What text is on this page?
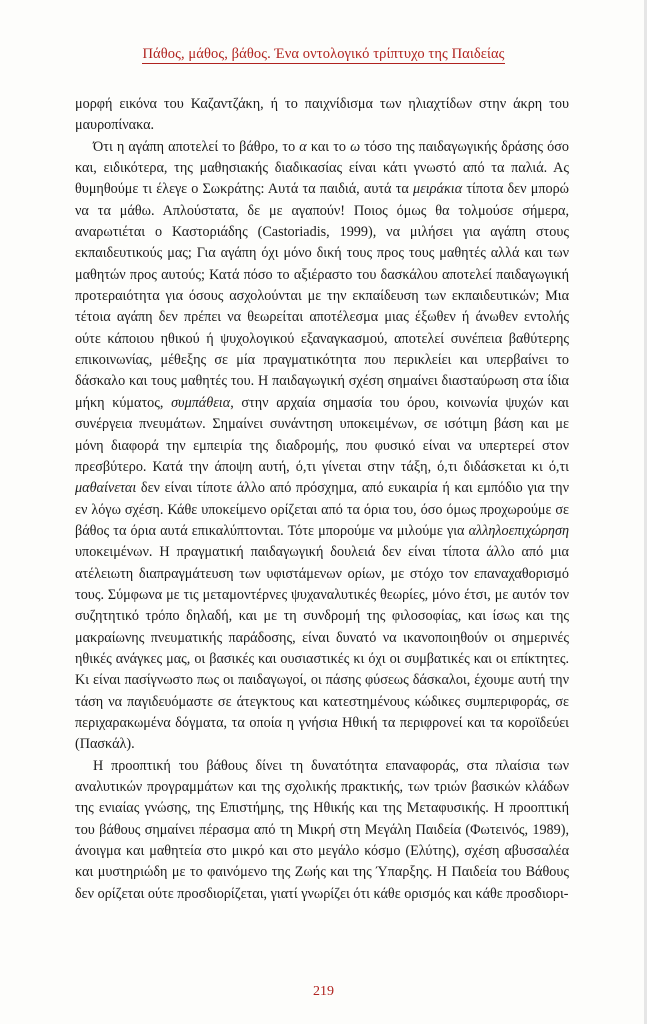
Πάθος, μάθος, βάθος. Ένα οντολογικό τρίπτυχο της Παιδείας

μορφή εικόνα του Καζαντζάκη, ή το παιχνίδισμα των ηλιαχτίδων στην άκρη του μαυροπίνακα.

Ότι η αγάπη αποτελεί το βάθρο, το α και το ω τόσο της παιδαγωγικής δράσης όσο και, ειδικότερα, της μαθησιακής διαδικασίας είναι κάτι γνωστό από τα παλιά. Ας θυμηθούμε τι έλεγε ο Σωκράτης: Αυτά τα παιδιά, αυτά τα μειράκια τίποτα δεν μπορώ να τα μάθω. Απλούστατα, δε με αγαπούν! Ποιος όμως θα τολμούσε σήμερα, αναρωτιέται ο Καστοριάδης (Castoriadis, 1999), να μιλήσει για αγάπη στους εκπαιδευτικούς μας; Για αγάπη όχι μόνο δική τους προς τους μαθητές αλλά και των μαθητών προς αυτούς; Κατά πόσο το αξιέραστο του δασκάλου αποτελεί παιδαγωγική προτεραιότητα για όσους ασχολούνται με την εκπαίδευση των εκπαιδευτικών; Μια τέτοια αγάπη δεν πρέπει να θεωρείται αποτέλεσμα μιας έξωθεν ή άνωθεν εντολής ούτε κάποιου ηθικού ή ψυχολογικού εξαναγκασμού, αποτελεί συνέπεια βαθύτερης επικοινωνίας, μέθεξης σε μία πραγματικότητα που περικλείει και υπερβαίνει το δάσκαλο και τους μαθητές του. Η παιδαγωγική σχέση σημαίνει διασταύρωση στα ίδια μήκη κύματος, συμπάθεια, στην αρχαία σημασία του όρου, κοινωνία ψυχών και συνέργεια πνευμάτων. Σημαίνει συνάντηση υποκειμένων, σε ισότιμη βάση και με μόνη διαφορά την εμπειρία της διαδρομής, που φυσικό είναι να υπερτερεί στον πρεσβύτερο. Κατά την άποψη αυτή, ό,τι γίνεται στην τάξη, ό,τι διδάσκεται κι ό,τι μαθαίνεται δεν είναι τίποτε άλλο από πρόσχημα, από ευκαιρία ή και εμπόδιο για την εν λόγω σχέση. Κάθε υποκείμενο ορίζεται από τα όρια του, όσο όμως προχωρούμε σε βάθος τα όρια αυτά επικαλύπτονται. Τότε μπορούμε να μιλούμε για αλληλοεπιχώρηση υποκειμένων. Η πραγματική παιδαγωγική δουλειά δεν είναι τίποτα άλλο από μια ατέλειωτη διαπραγμάτευση των υφιστάμενων ορίων, με στόχο τον επαναχαθορισμό τους. Σύμφωνα με τις μεταμοντέρνες ψυχαναλυτικές θεωρίες, μόνο έτσι, με αυτόν τον συζητητικό τρόπο δηλαδή, και με τη συνδρομή της φιλοσοφίας, και ίσως και της μακραίωνης πνευματικής παράδοσης, είναι δυνατό να ικανοποιηθούν οι σημερινές ηθικές ανάγκες μας, οι βασικές και ουσιαστικές κι όχι οι συμβατικές και οι επίκτητες. Κι είναι πασίγνωστο πως οι παιδαγωγοί, οι πάσης φύσεως δάσκαλοι, έχουμε αυτή την τάση να παγιδευόμαστε σε άτεγκτους και κατεστημένους κώδικες συμπεριφοράς, σε περιχαρακωμένα δόγματα, τα οποία η γνήσια Ηθική τα περιφρονεί και τα κοροϊδεύει (Πασκάλ).

Η προοπτική του βάθους δίνει τη δυνατότητα επαναφοράς, στα πλαίσια των αναλυτικών προγραμμάτων και της σχολικής πρακτικής, των τριών βασικών κλάδων της ενιαίας γνώσης, της Επιστήμης, της Ηθικής και της Μεταφυσικής. Η προοπτική του βάθους σημαίνει πέρασμα από τη Μικρή στη Μεγάλη Παιδεία (Φωτεινός, 1989), άνοιγμα και μαθητεία στο μικρό και στο μεγάλο κόσμο (Ελύτης), σχέση αβυσσαλέα και μυστηριώδη με το φαινόμενο της Ζωής και της Ύπαρξης. Η Παιδεία του Βάθους δεν ορίζεται ούτε προσδιορίζεται, γιατί γνωρίζει ότι κάθε ορισμός και κάθε προσδιορι-

219
